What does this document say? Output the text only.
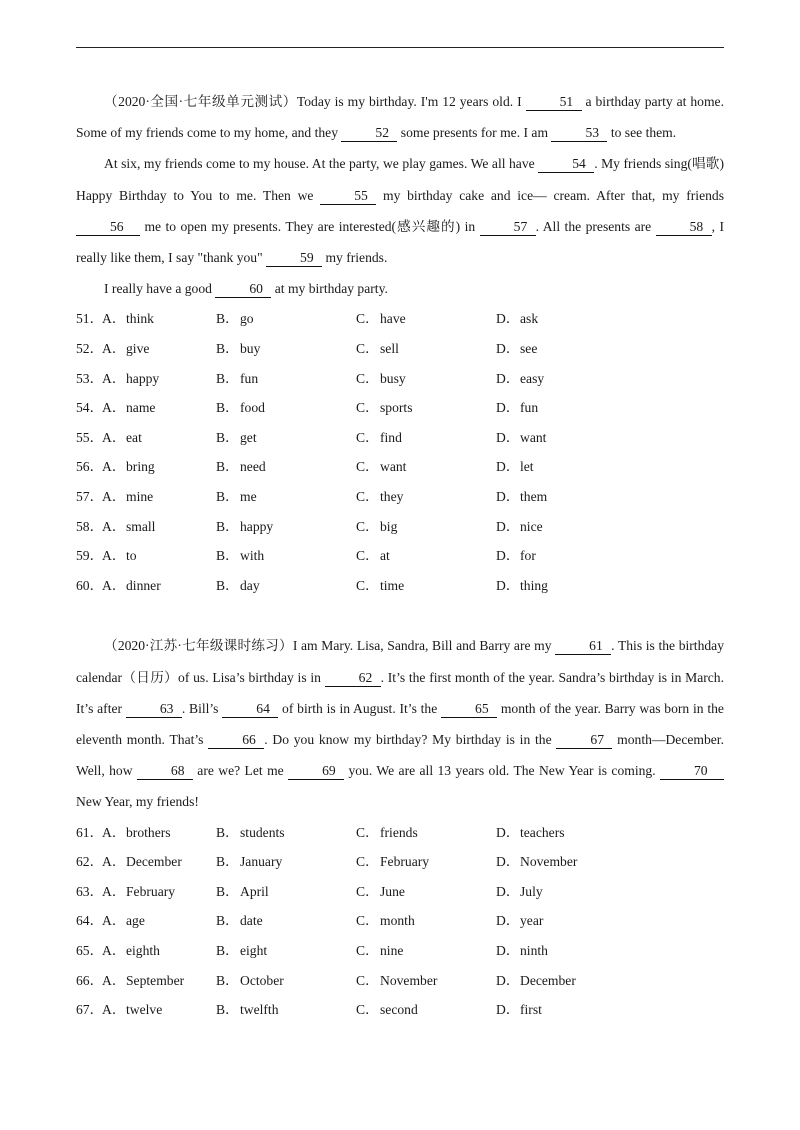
（2020·全国·七年级单元测试）Today is my birthday. I'm 12 years old. I	51 a birthday party at home. Some of my friends come to my home, and they	52 some presents for me. I am	53 to see them.

At six, my friends come to my house. At the party, we play games. We all have	54 . My friends sing(唱歌) Happy Birthday to You to me. Then we	55 my birthday cake and ice— cream. After that, my friends 56 me to open my presents. They are interested(感兴趣的) in	57 . All the presents are	58 , I really like them, I say "thank you"	59 my friends.

I really have a good	60 at my birthday party.

51．
A． think	B． go	C． have	D． ask
52．
A． give	B． buy	C． sell	D． see
53．
A． happy	B． fun	C． busy	D． easy
54．
A． name	B． food	C． sports	D． fun
55．
A． eat	B． get	C． find	D． want
56．
A． bring	B． need	C． want	D． let
57．
A． mine	B． me	C． they	D． them
58．
A． small	B． happy	C． big	D． nice
59．
A． to	B． with	C． at	D． for
60．
A． dinner	B． day	C． time	D． thing

（2020·江苏·七年级课时练习）I am Mary. Lisa, Sandra, Bill and Barry are my	61 . This is the birthday calendar（日历）of us. Lisa’s birthday is in	62 . It’s the first month of the year. Sandra’s birthday is in March. It’s after	63 . Bill’s	64 of birth is in August. It’s the	65 month of the year. Barry was born in the eleventh month. That’s	66 . Do you know my birthday? My birthday is in the	67 month—December. Well, how	68 are we? Let me	69 you. We are all 13 years old. The New Year is coming.	70 New Year, my friends!

61．
A． brothers	B． students	C． friends	D． teachers
62．
A． December	B． January	C． February	D． November
63．
A． February	B． April	C． June	D． July
64．
A． age	B． date	C． month	D． year
65．
A． eighth	B． eight	C． nine	D． ninth
66．
A． September B． October	C． November	D． December
67．
A． twelve	B． twelfth	C． second	D． first
